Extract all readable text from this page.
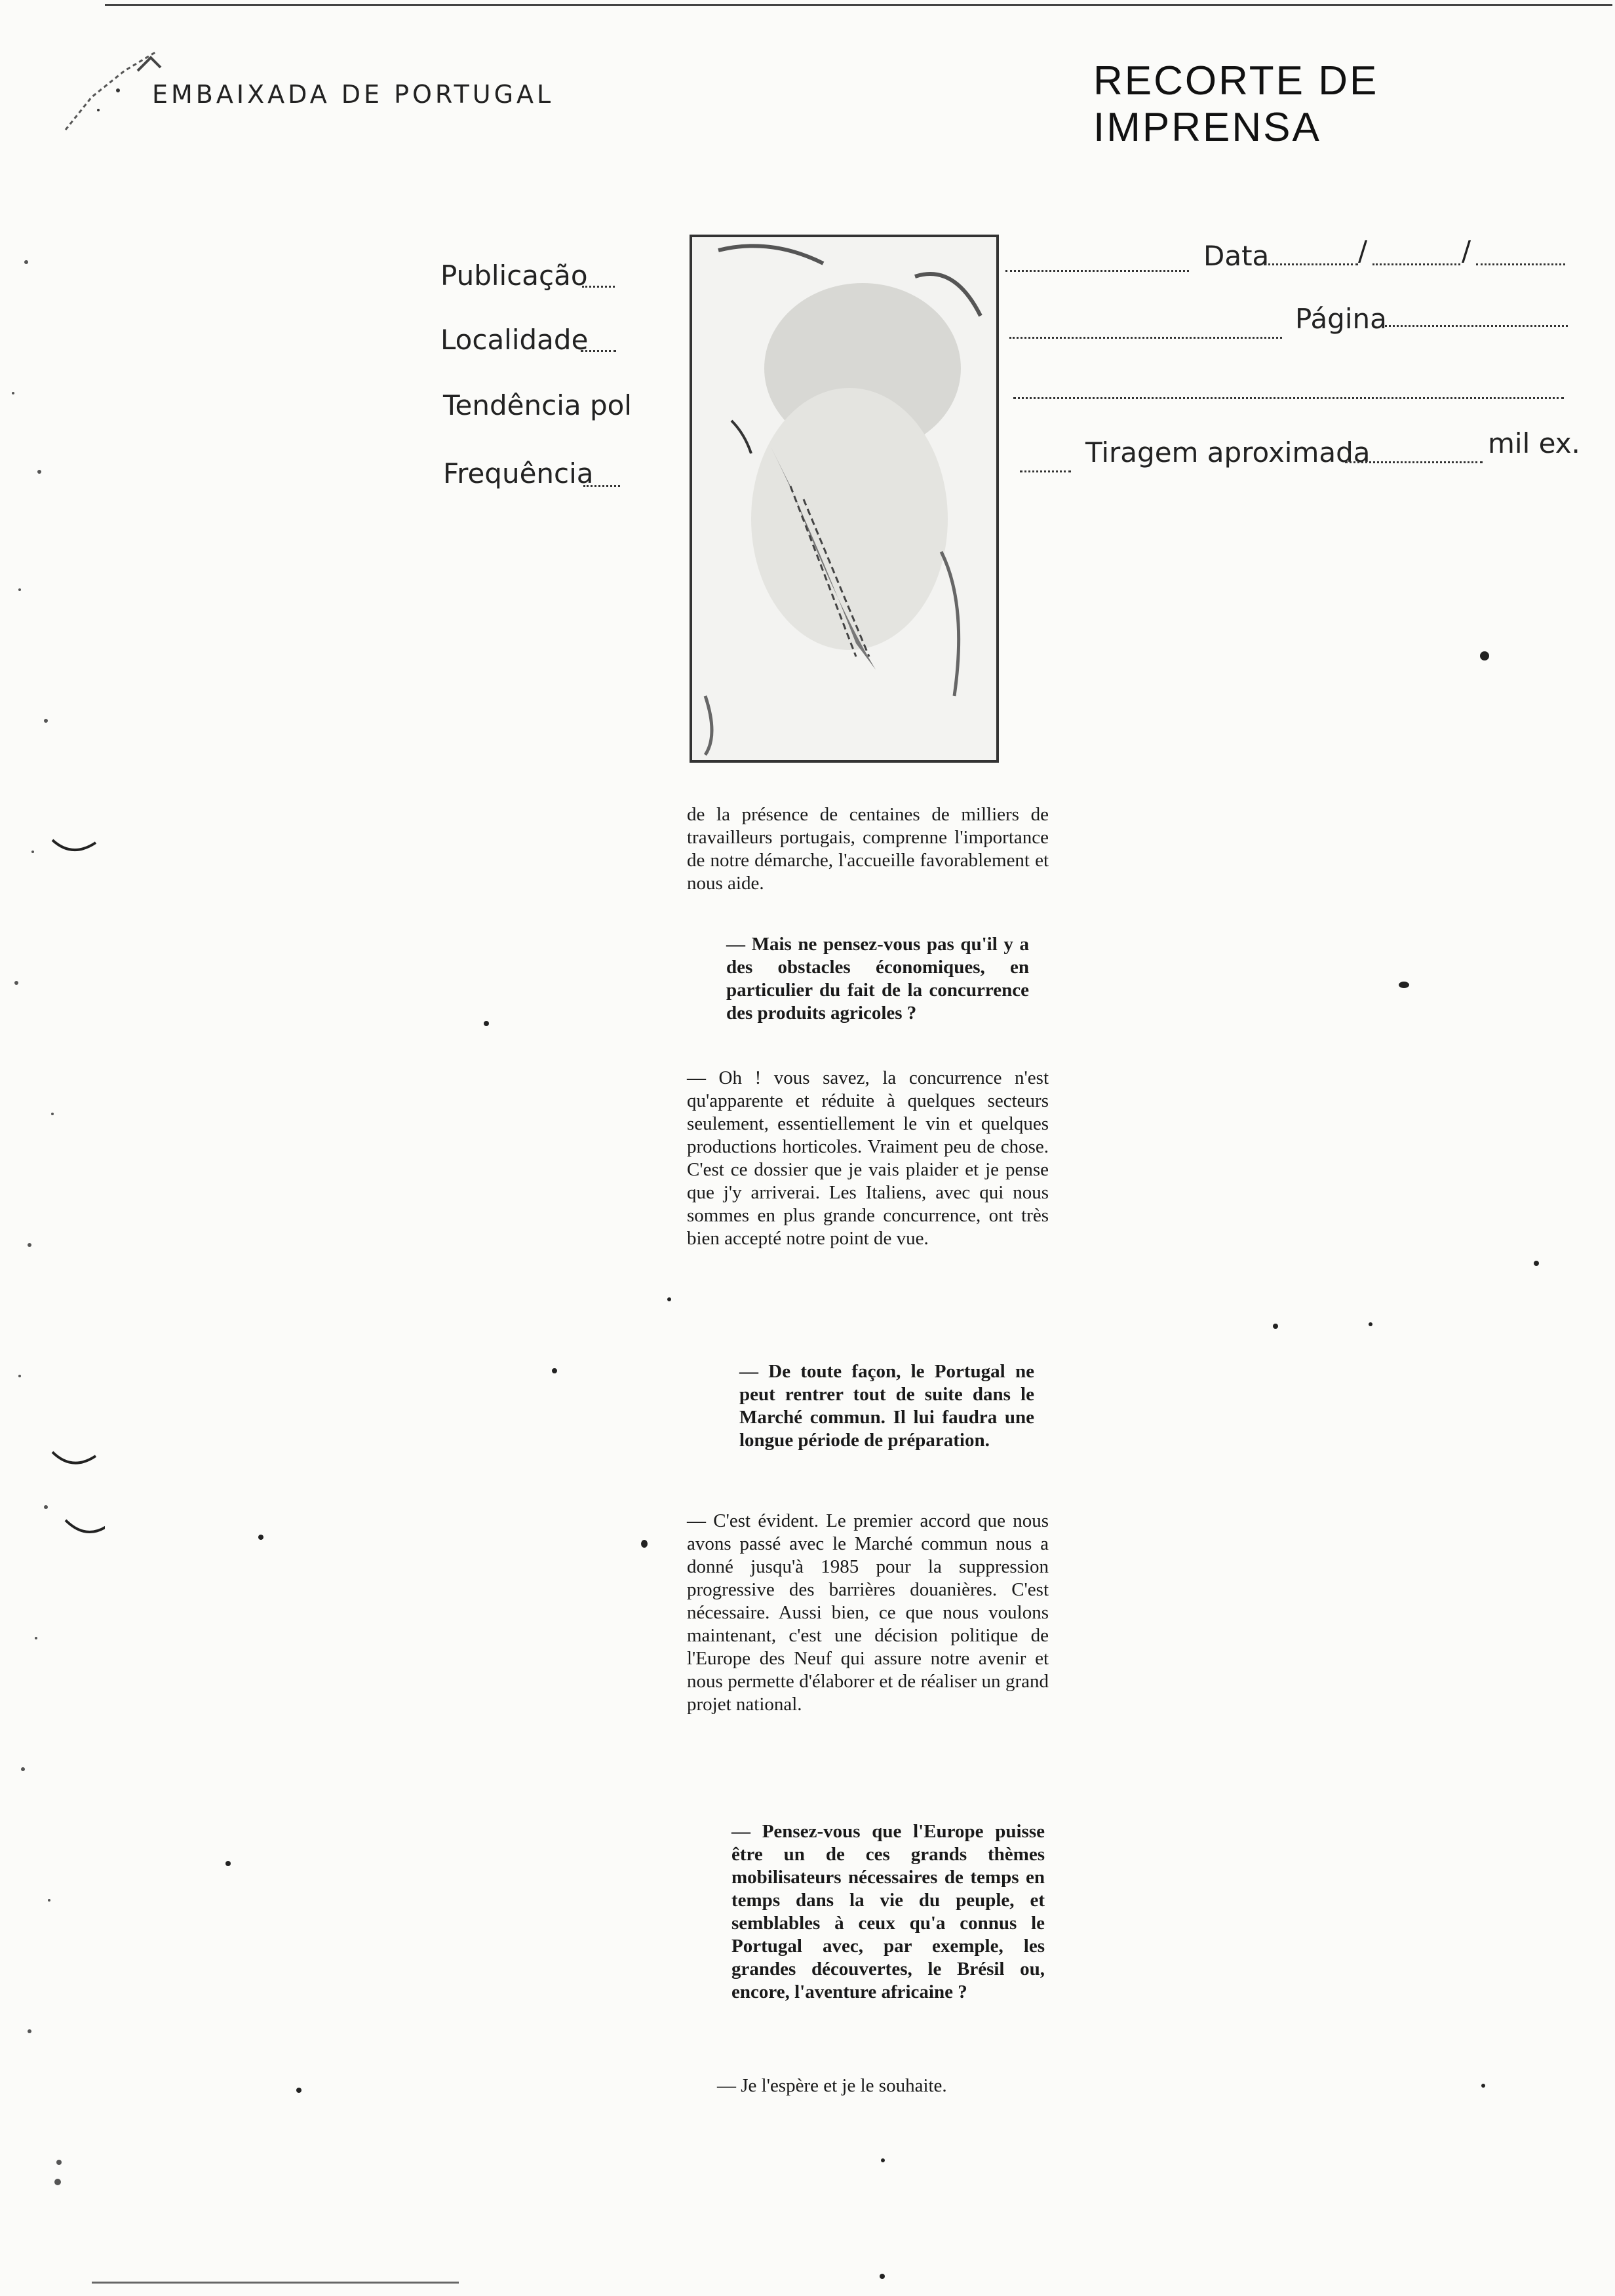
EMBAIXADA DE PORTUGAL	RECORTE DE IMPRENSA
Publicação
Localidade
Tendência pol
Frequência
Data	/	/
Página
Tiragem aproximada	mil ex.

de la présence de centaines de milliers de travailleurs portugais, comprenne l'importance de notre démarche, l'accueille favorablement et nous aide.

— Mais ne pensez-vous pas qu'il y a des obstacles économiques, en particulier du fait de la concurrence des produits agricoles ?

— Oh ! vous savez, la concurrence n'est qu'apparente et réduite à quelques secteurs seulement, essentiellement le vin et quelques productions horticoles. Vraiment peu de chose. C'est ce dossier que je vais plaider et je pense que j'y arriverai. Les Italiens, avec qui nous sommes en plus grande concurrence, ont très bien accepté notre point de vue.

— De toute façon, le Portugal ne peut rentrer tout de suite dans le Marché commun. Il lui faudra une longue période de préparation.

— C'est évident. Le premier accord que nous avons passé avec le Marché commun nous a donné jusqu'à 1985 pour la suppression progressive des barrières douanières. C'est nécessaire. Aussi bien, ce que nous voulons maintenant, c'est une décision politique de l'Europe des Neuf qui assure notre avenir et nous permette d'élaborer et de réaliser un grand projet national.

— Pensez-vous que l'Europe puisse être un de ces grands thèmes mobilisateurs nécessaires de temps en temps dans la vie du peuple, et semblables à ceux qu'a connus le Portugal avec, par exemple, les grandes découvertes, le Brésil ou, encore, l'aventure africaine ?

— Je l'espère et je le souhaite.
